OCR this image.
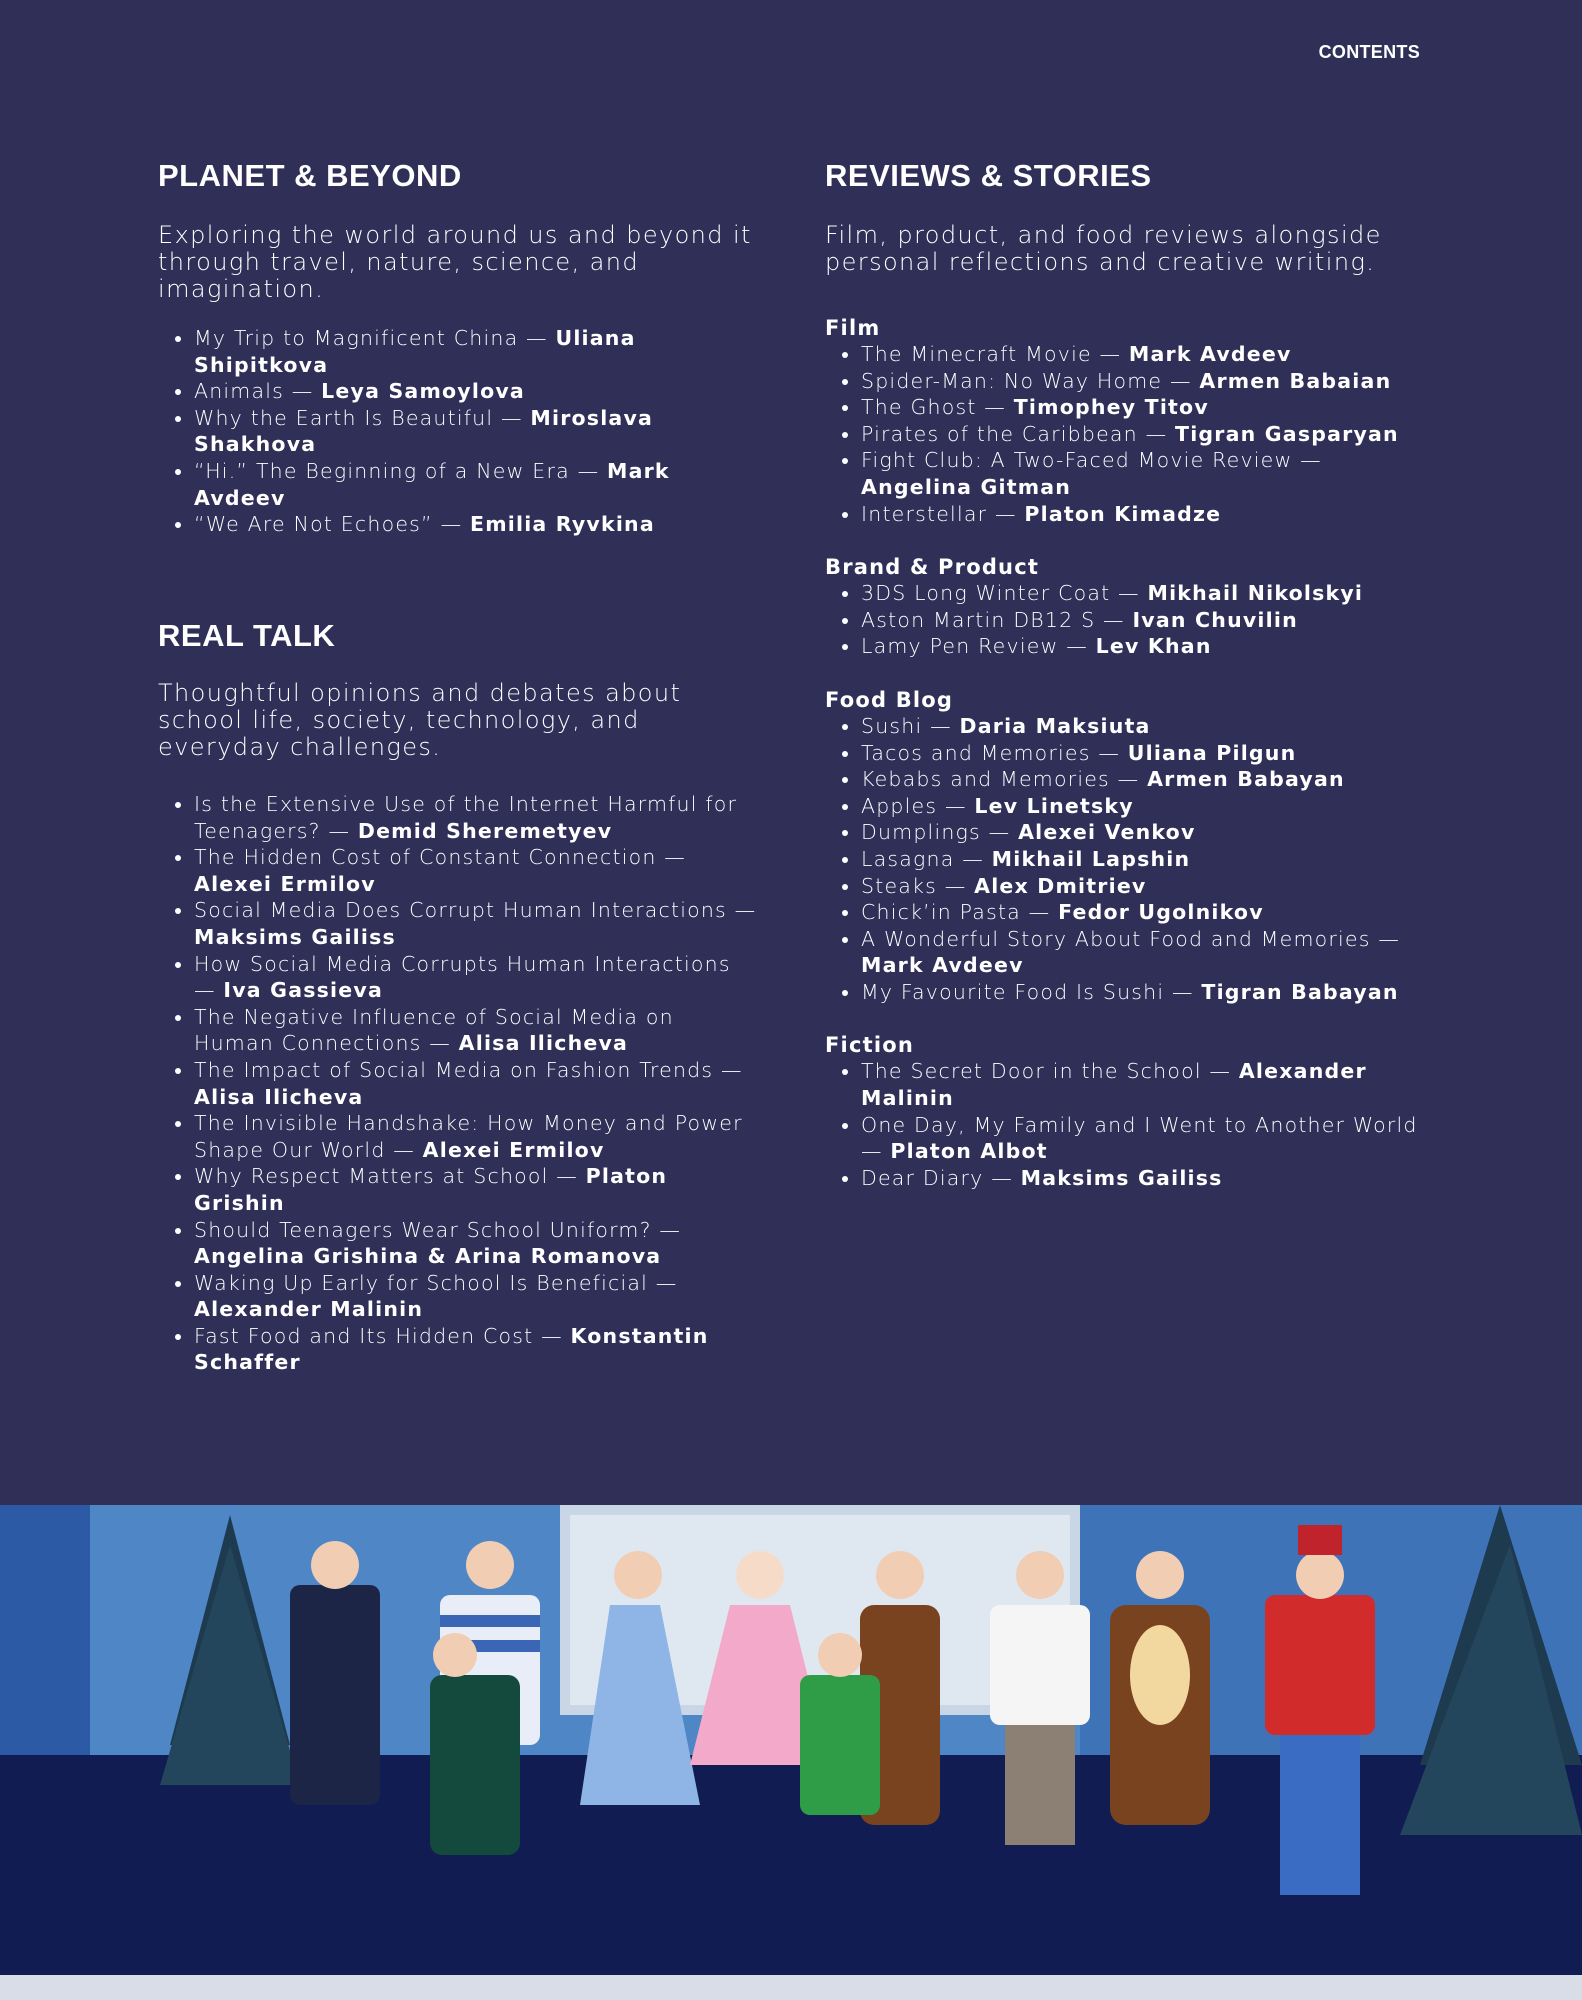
CONTENTS
PLANET & BEYOND

Exploring the world around us and beyond it through travel, nature, science, and imagination.

• My Trip to Magnificent China — Uliana Shipitkova
• Animals — Leya Samoylova
• Why the Earth Is Beautiful — Miroslava Shakhova
• “Hi.” The Beginning of a New Era — Mark Avdeev
• “We Are Not Echoes” — Emilia Ryvkina
REAL TALK

Thoughtful opinions and debates about school life, society, technology, and everyday challenges.

• Is the Extensive Use of the Internet Harmful for Teenagers? — Demid Sheremetyev
• The Hidden Cost of Constant Connection — Alexei Ermilov
• Social Media Does Corrupt Human Interactions — Maksims Gailiss
• How Social Media Corrupts Human Interactions — Iva Gassieva
• The Negative Influence of Social Media on Human Connections — Alisa Ilicheva
• The Impact of Social Media on Fashion Trends — Alisa Ilicheva
• The Invisible Handshake: How Money and Power Shape Our World — Alexei Ermilov
• Why Respect Matters at School — Platon Grishin
• Should Teenagers Wear School Uniform? — Angelina Grishina & Arina Romanova
• Waking Up Early for School Is Beneficial — Alexander Malinin
• Fast Food and Its Hidden Cost — Konstantin Schaffer
REVIEWS & STORIES

Film, product, and food reviews alongside personal reflections and creative writing.

Film
• The Minecraft Movie — Mark Avdeev
• Spider-Man: No Way Home — Armen Babaian
• The Ghost — Timophey Titov
• Pirates of the Caribbean — Tigran Gasparyan
• Fight Club: A Two-Faced Movie Review — Angelina Gitman
• Interstellar — Platon Kimadze
Brand & Product
• 3DS Long Winter Coat — Mikhail Nikolskyi
• Aston Martin DB12 S — Ivan Chuvilin
• Lamy Pen Review — Lev Khan
Food Blog
• Sushi — Daria Maksiuta
• Tacos and Memories — Uliana Pilgun
• Kebabs and Memories — Armen Babayan
• Apples — Lev Linetsky
• Dumplings — Alexei Venkov
• Lasagna — Mikhail Lapshin
• Steaks — Alex Dmitriev
• Chick’in Pasta — Fedor Ugolnikov
• A Wonderful Story About Food and Memories — Mark Avdeev
• My Favourite Food Is Sushi — Tigran Babayan
Fiction
• The Secret Door in the School — Alexander Malinin
• One Day, My Family and I Went to Another World — Platon Albot
• Dear Diary — Maksims Gailiss
